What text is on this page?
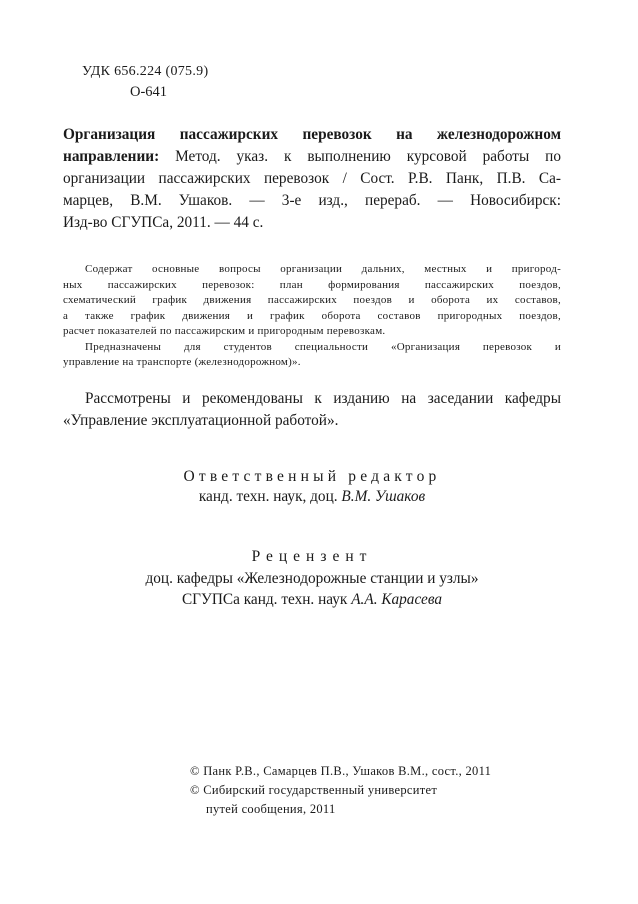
УДК 656.224 (075.9)
О-641
Организация пассажирских перевозок на железнодорожном
направлении: Метод. указ. к выполнению курсовой работы по
организации пассажирских перевозок / Сост. Р.В. Панк, П.В. Са-
марцев, В.М. Ушаков. — 3-е изд., перераб. — Новосибирск:
Изд-во СГУПСа, 2011. — 44 с.
Содержат основные вопросы организации дальних, местных и пригород-
ных пассажирских перевозок: план формирования пассажирских поездов,
схематический график движения пассажирских поездов и оборота их составов,
а также график движения и график оборота составов пригородных поездов,
расчет показателей по пассажирским и пригородным перевозкам.
Предназначены для студентов специальности «Организация перевозок и
управление на транспорте (железнодорожном)».
Рассмотрены и рекомендованы к изданию на заседании кафедры
«Управление эксплуатационной работой».
Ответственный редактор
канд. техн. наук, доц. В.М. Ушаков
Рецензент
доц. кафедры «Железнодорожные станции и узлы»
СГУПСа канд. техн. наук А.А. Карасева
© Панк Р.В., Самарцев П.В., Ушаков В.М., сост., 2011
© Сибирский государственный университет
путей сообщения, 2011
